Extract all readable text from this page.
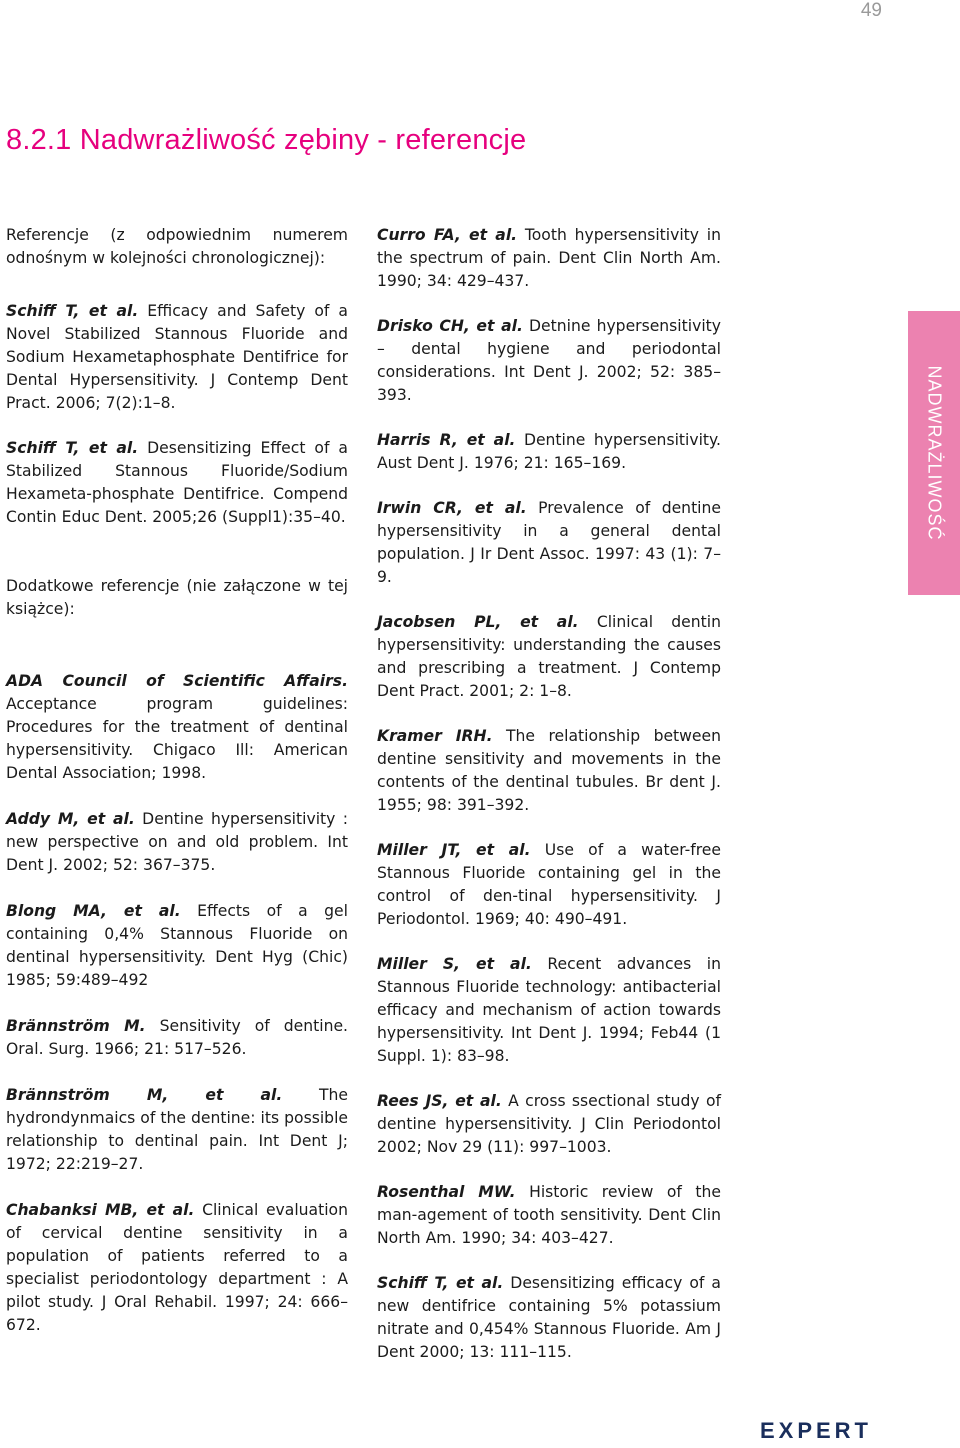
49
8.2.1 Nadwrażliwość zębiny - referencje

Referencje (z odpowiednim numerem odnośnym w kolejności chronologicznej):

Schiff T, et al. Efficacy and Safety of a Novel Stabilized Stannous Fluoride and Sodium Hexametaphosphate Dentifrice for Dental Hypersensitivity. J Contemp Dent Pract. 2006; 7(2):1–8.

Schiff T, et al. Desensitizing Effect of a Stabilized Stannous Fluoride/Sodium Hexameta-phosphate Dentifrice. Compend Contin Educ Dent. 2005;26 (Suppl1):35–40.

Dodatkowe referencje (nie załączone w tej książce):

ADA Council of Scientific Affairs. Acceptance program guidelines: Procedures for the treatment of dentinal hypersensitivity. Chigaco Ill: American Dental Association; 1998.

Addy M, et al. Dentine hypersensitivity : new perspective on and old problem. Int Dent J. 2002; 52: 367–375.

Blong MA, et al. Effects of a gel containing 0,4% Stannous Fluoride on dentinal hypersensitivity. Dent Hyg (Chic) 1985; 59:489–492

Brännström M. Sensitivity of dentine. Oral. Surg. 1966; 21: 517–526.

Brännström M, et al. The hydrondynmaics of the dentine: its possible relationship to dentinal pain. Int Dent J; 1972; 22:219–27.

Chabanksi MB, et al. Clinical evaluation of cervical dentine sensitivity in a population of patients referred to a specialist periodontology department : A pilot study. J Oral Rehabil. 1997; 24: 666–672.

Curro FA, et al. Tooth hypersensitivity in the spectrum of pain. Dent Clin North Am. 1990; 34: 429–437.

Drisko CH, et al. Detnine hypersensitivity – dental hygiene and periodontal considerations. Int Dent J. 2002; 52: 385–393.

Harris R, et al. Dentine hypersensitivity. Aust Dent J. 1976; 21: 165–169.

Irwin CR, et al. Prevalence of dentine hypersensitivity in a general dental population. J Ir Dent Assoc. 1997: 43 (1): 7–9.

Jacobsen PL, et al. Clinical dentin hypersensitivity: understanding the causes and prescribing a treatment. J Contemp Dent Pract. 2001; 2: 1–8.

Kramer IRH. The relationship between dentine sensitivity and movements in the contents of the dentinal tubules. Br dent J. 1955; 98: 391–392.

Miller JT, et al. Use of a water-free Stannous Fluoride containing gel in the control of den-tinal hypersensitivity. J Periodontol. 1969; 40: 490–491.

Miller S, et al. Recent advances in Stannous Fluoride technology: antibacterial efficacy and mechanism of action towards hypersensitivity. Int Dent J. 1994; Feb44 (1 Suppl. 1): 83–98.

Rees JS, et al. A cross ssectional study of dentine hypersensitivity. J Clin Periodontol 2002; Nov 29 (11): 997–1003.

Rosenthal MW. Historic review of the man-agement of tooth sensitivity. Dent Clin North Am. 1990; 34: 403–427.

Schiff T, et al. Desensitizing efficacy of a new dentifrice containing 5% potassium nitrate and 0,454% Stannous Fluoride. Am J Dent 2000; 13: 111–115.

NADWRAŻLIWOŚĆ
EXPERT
